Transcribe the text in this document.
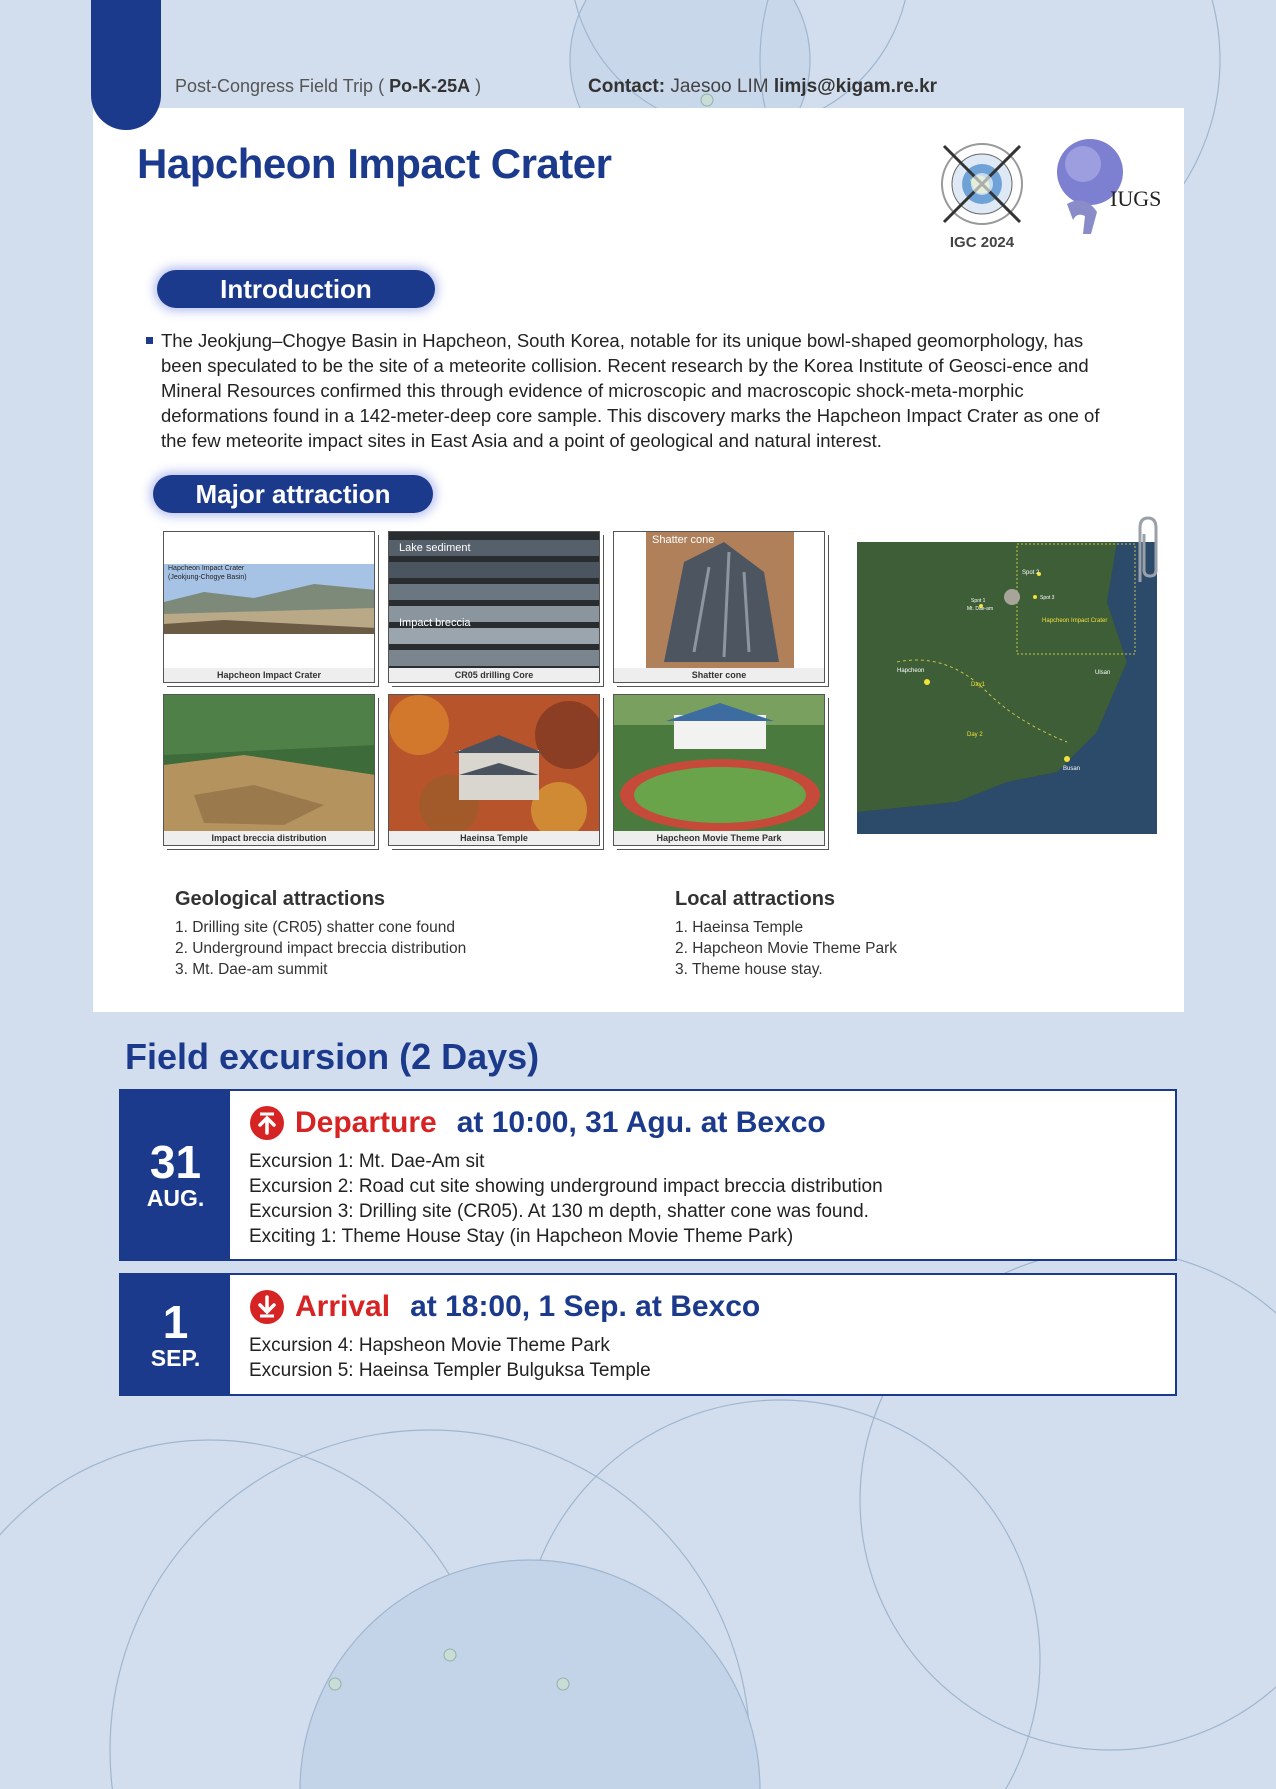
Post-Congress Field Trip ( Po-K-25A )	Contact: Jaesoo LIM limjs@kigam.re.kr
Hapcheon Impact Crater
IGC 2024
IUGS
Introduction

The Jeokjung–Chogye Basin in Hapcheon, South Korea, notable for its unique bowl-shaped geomorphology, has been speculated to be the site of a meteorite collision. Recent research by the Korea Institute of Geosci-ence and Mineral Resources confirmed this through evidence of microscopic and macroscopic shock-meta-morphic deformations found in a 142-meter-deep core sample. This discovery marks the Hapcheon Impact Crater as one of the few meteorite impact sites in East Asia and a point of geological and natural interest.

Major attraction
Hapcheon Impact Crater
(Jeokjung-Chogye Basin)
Hapcheon Impact Crater
Lake sediment
Impact breccia
CR05 drilling Core
Shatter cone
Shatter cone
Impact breccia distribution	Haeinsa Temple	Hapcheon Movie Theme Park
Spot 2
Spot 1
Mt. Dae-am
Spot 3
Hapcheon Impact Crater
Hapcheon	Ulsan
Day1
Day 2
Busan
Geological attractions
1. Drilling site (CR05) shatter cone found
2. Underground impact breccia distribution
3. Mt. Dae-am summit
Local attractions
1. Haeinsa Temple
2. Hapcheon Movie Theme Park
3. Theme house stay.
Field excursion (2 Days)
31
AUG.
Departure at 10:00, 31 Agu. at Bexco
Excursion 1: Mt. Dae-Am sit
Excursion 2: Road cut site showing underground impact breccia distribution
Excursion 3: Drilling site (CR05). At 130 m depth, shatter cone was found.
Exciting 1: Theme House Stay (in Hapcheon Movie Theme Park)
1
SEP.
Arrival at 18:00, 1 Sep. at Bexco
Excursion 4: Hapsheon Movie Theme Park
Excursion 5: Haeinsa Templer Bulguksa Temple
